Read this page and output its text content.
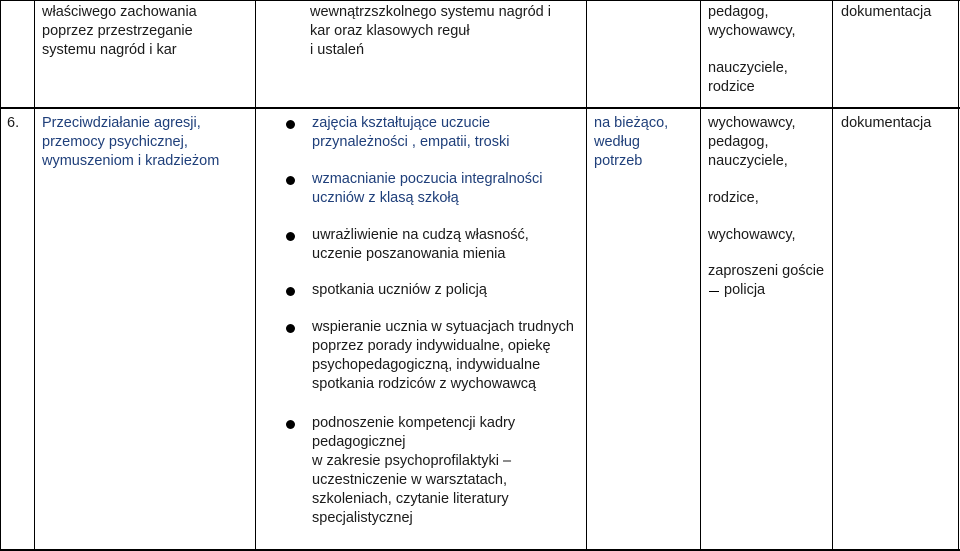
właściwego zachowania
poprzez przestrzeganie
systemu nagród i kar
wewnątrzszkolnego systemu nagród i
kar oraz klasowych reguł
i ustaleń
pedagog,
wychowawcy,
nauczyciele,
rodzice
dokumentacja
6. Przeciwdziałanie agresji,
przemocy psychicznej,
wymuszeniom i kradzieżom
zajęcia kształtujące uczucie
przynależności , empatii, troski
wzmacnianie poczucia integralności
uczniów z klasą szkołą
uwrażliwienie na cudzą własność,
uczenie poszanowania mienia
spotkania uczniów z policją
wspieranie ucznia w sytuacjach trudnych
poprzez porady indywidualne, opiekę
psychopedagogiczną, indywidualne
spotkania rodziców z wychowawcą
podnoszenie kompetencji kadry
pedagogicznej
w zakresie psychoprofilaktyki –
uczestniczenie w warsztatach,
szkoleniach, czytanie literatury
specjalistycznej
na bieżąco,
według
potrzeb
wychowawcy,
pedagog,
nauczyciele,
rodzice,
wychowawcy,
zaproszeni goście
policja
dokumentacja
